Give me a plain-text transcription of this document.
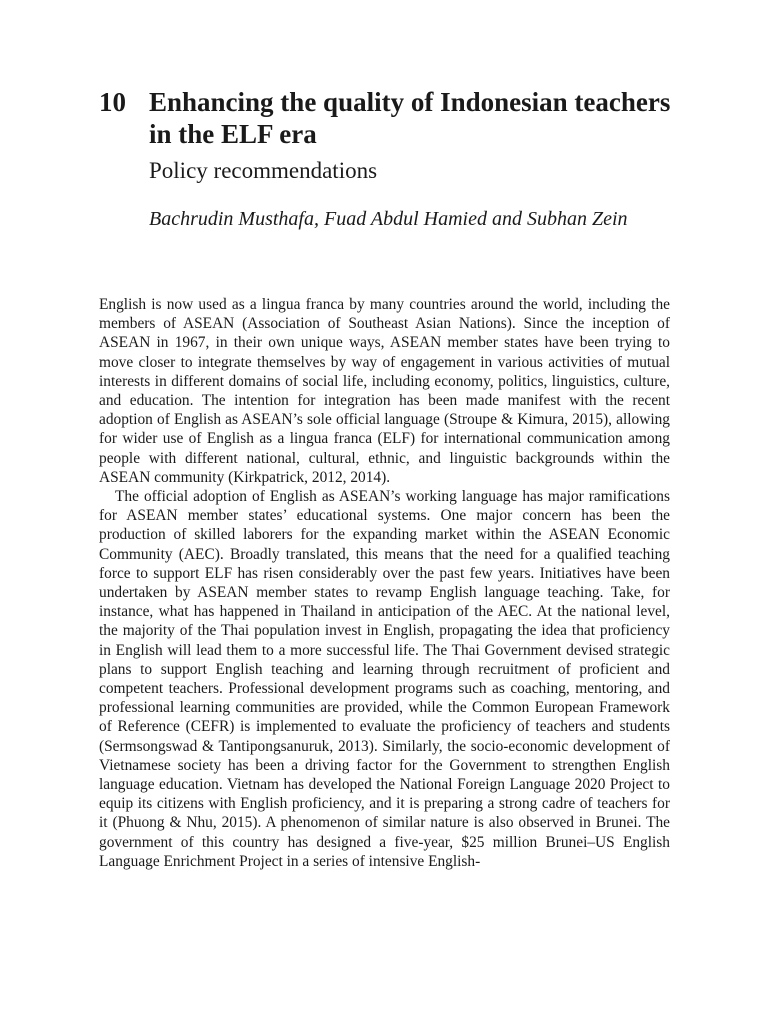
10 Enhancing the quality of Indonesian teachers in the ELF era
Policy recommendations
Bachrudin Musthafa, Fuad Abdul Hamied and Subhan Zein

English is now used as a lingua franca by many countries around the world, including the members of ASEAN (Association of Southeast Asian Nations). Since the inception of ASEAN in 1967, in their own unique ways, ASEAN member states have been trying to move closer to integrate themselves by way of engagement in various activities of mutual interests in different domains of social life, including economy, politics, linguistics, culture, and education. The intention for integration has been made manifest with the recent adoption of English as ASEAN’s sole official language (Stroupe & Kimura, 2015), allowing for wider use of English as a lingua franca (ELF) for international communication among people with different national, cultural, ethnic, and linguistic backgrounds within the ASEAN community (Kirkpatrick, 2012, 2014).

The official adoption of English as ASEAN’s working language has major ramifications for ASEAN member states’ educational systems. One major concern has been the production of skilled laborers for the expanding market within the ASEAN Economic Community (AEC). Broadly translated, this means that the need for a qualified teaching force to support ELF has risen considerably over the past few years. Initiatives have been undertaken by ASEAN member states to revamp English language teaching. Take, for instance, what has happened in Thailand in anticipation of the AEC. At the national level, the majority of the Thai population invest in English, propagating the idea that proficiency in English will lead them to a more successful life. The Thai Government devised strategic plans to support English teaching and learning through recruitment of proficient and competent teachers. Professional development programs such as coaching, mentoring, and professional learning communities are provided, while the Common European Framework of Reference (CEFR) is implemented to evaluate the proficiency of teachers and students (Sermsongswad & Tantipongsanuruk, 2013). Similarly, the socio-economic development of Vietnamese society has been a driving factor for the Government to strengthen English language education. Vietnam has developed the National Foreign Language 2020 Project to equip its citizens with English proficiency, and it is preparing a strong cadre of teachers for it (Phuong & Nhu, 2015). A phenomenon of similar nature is also observed in Brunei. The government of this country has designed a five-year, $25 million Brunei–US English Language Enrichment Project in a series of intensive English-
